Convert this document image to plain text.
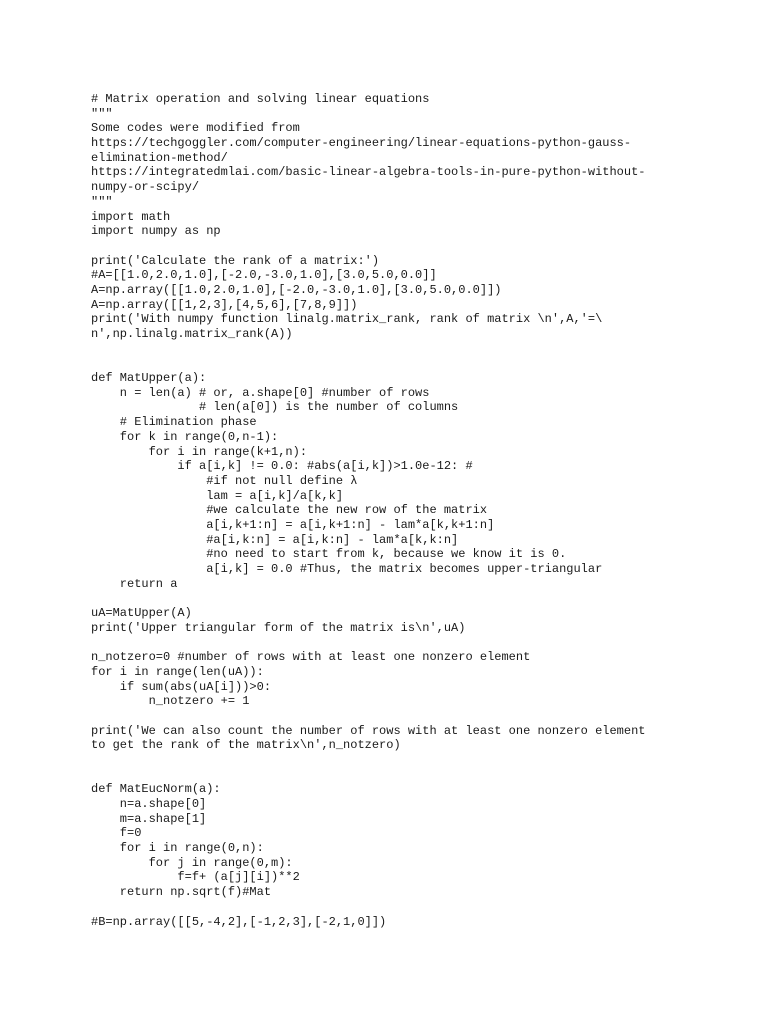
# Matrix operation and solving linear equations
"""
Some codes were modified from
https://techgoggler.com/computer-engineering/linear-equations-python-gauss-
elimination-method/
https://integratedmlai.com/basic-linear-algebra-tools-in-pure-python-without-
numpy-or-scipy/
"""
import math
import numpy as np
print('Calculate the rank of a matrix:')
#A=[[1.0,2.0,1.0],[-2.0,-3.0,1.0],[3.0,5.0,0.0]]
A=np.array([[1.0,2.0,1.0],[-2.0,-3.0,1.0],[3.0,5.0,0.0]])
A=np.array([[1,2,3],[4,5,6],[7,8,9]])
print('With numpy function linalg.matrix_rank, rank of matrix \n',A,'=\
n',np.linalg.matrix_rank(A))
def MatUpper(a):
n = len(a) # or, a.shape[0] #number of rows
# len(a[0]) is the number of columns
# Elimination phase
for k in range(0,n-1):
for i in range(k+1,n):
if a[i,k] != 0.0: #abs(a[i,k])>1.0e-12: #
#if not null define λ
lam = a[i,k]/a[k,k]
#we calculate the new row of the matrix
a[i,k+1:n] = a[i,k+1:n] - lam*a[k,k+1:n]
#a[i,k:n] = a[i,k:n] - lam*a[k,k:n]
#no need to start from k, because we know it is 0.
a[i,k] = 0.0 #Thus, the matrix becomes upper-triangular
return a
uA=MatUpper(A)
print('Upper triangular form of the matrix is\n',uA)
n_notzero=0 #number of rows with at least one nonzero element
for i in range(len(uA)):
if sum(abs(uA[i]))>0:
n_notzero += 1
print('We can also count the number of rows with at least one nonzero element
to get the rank of the matrix\n',n_notzero)
def MatEucNorm(a):
n=a.shape[0]
m=a.shape[1]
f=0
for i in range(0,n):
for j in range(0,m):
f=f+ (a[j][i])**2
return np.sqrt(f)#Mat
#B=np.array([[5,-4,2],[-1,2,3],[-2,1,0]])
